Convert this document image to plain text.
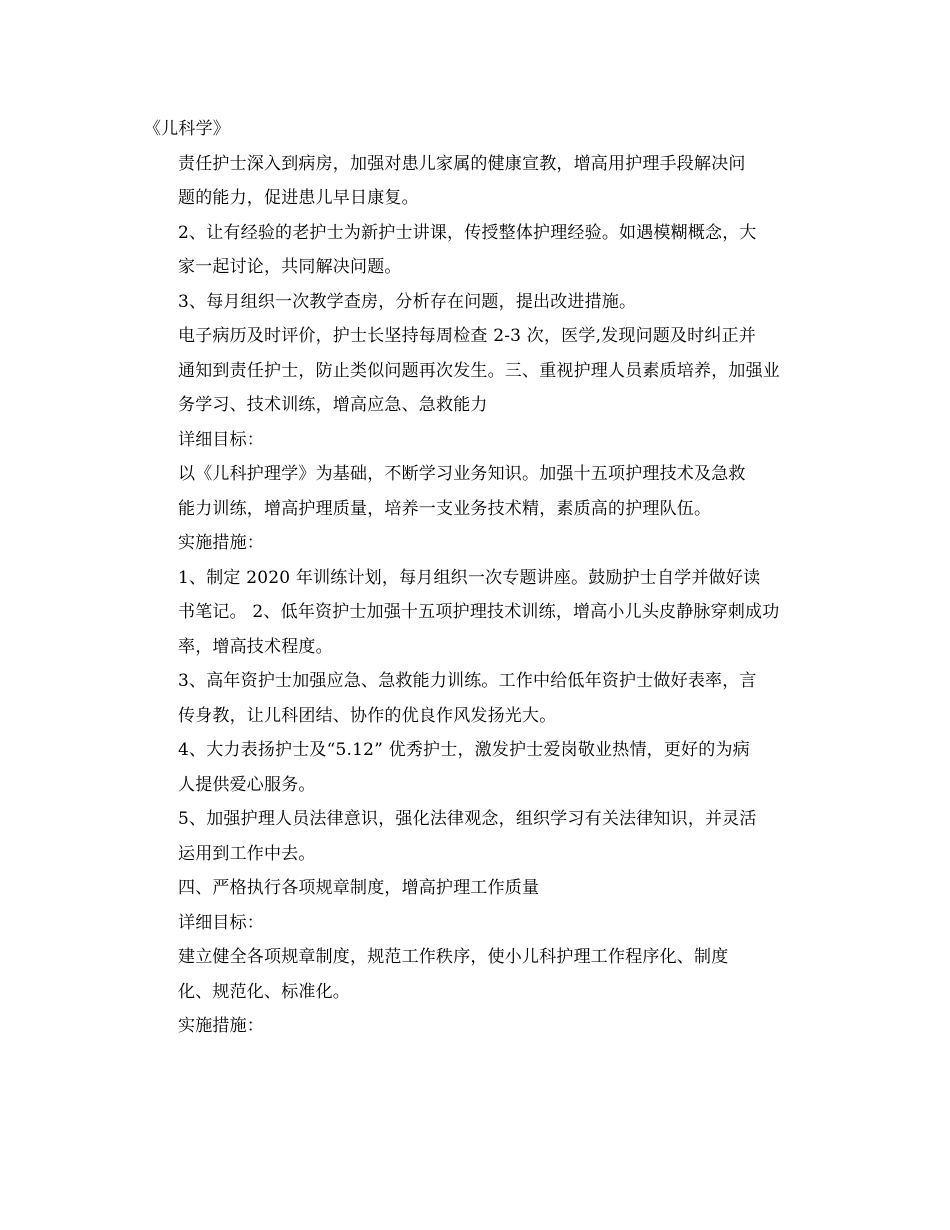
《儿科学》

责任护士深入到病房，加强对患儿家属的健康宣教，增高用护理手段解决问
题的能力，促进患儿早日康复。

2、让有经验的老护士为新护士讲课，传授整体护理经验。如遇模糊概念，大
家一起讨论，共同解决问题。

3、每月组织一次教学查房，分析存在问题，提出改进措施。

电子病历及时评价，护士长坚持每周检查 2-3 次，医学,发现问题及时纠正并
通知到责任护士，防止类似问题再次发生。三、重视护理人员素质培养，加强业
务学习、技术训练，增高应急、急救能力

详细目标：

以《儿科护理学》为基础，不断学习业务知识。加强十五项护理技术及急救
能力训练，增高护理质量，培养一支业务技术精，素质高的护理队伍。

实施措施：

1、制定 2020 年训练计划，每月组织一次专题讲座。鼓励护士自学并做好读
书笔记。 2、低年资护士加强十五项护理技术训练，增高小儿头皮静脉穿刺成功
率，增高技术程度。

3、高年资护士加强应急、急救能力训练。工作中给低年资护士做好表率，言
传身教，让儿科团结、协作的优良作风发扬光大。

4、大力表扬护士及“5.12” 优秀护士，激发护士爱岗敬业热情，更好的为病
人提供爱心服务。

5、加强护理人员法律意识，强化法律观念，组织学习有关法律知识，并灵活
运用到工作中去。

四、严格执行各项规章制度，增高护理工作质量

详细目标：

建立健全各项规章制度，规范工作秩序，使小儿科护理工作程序化、制度
化、规范化、标准化。

实施措施：
